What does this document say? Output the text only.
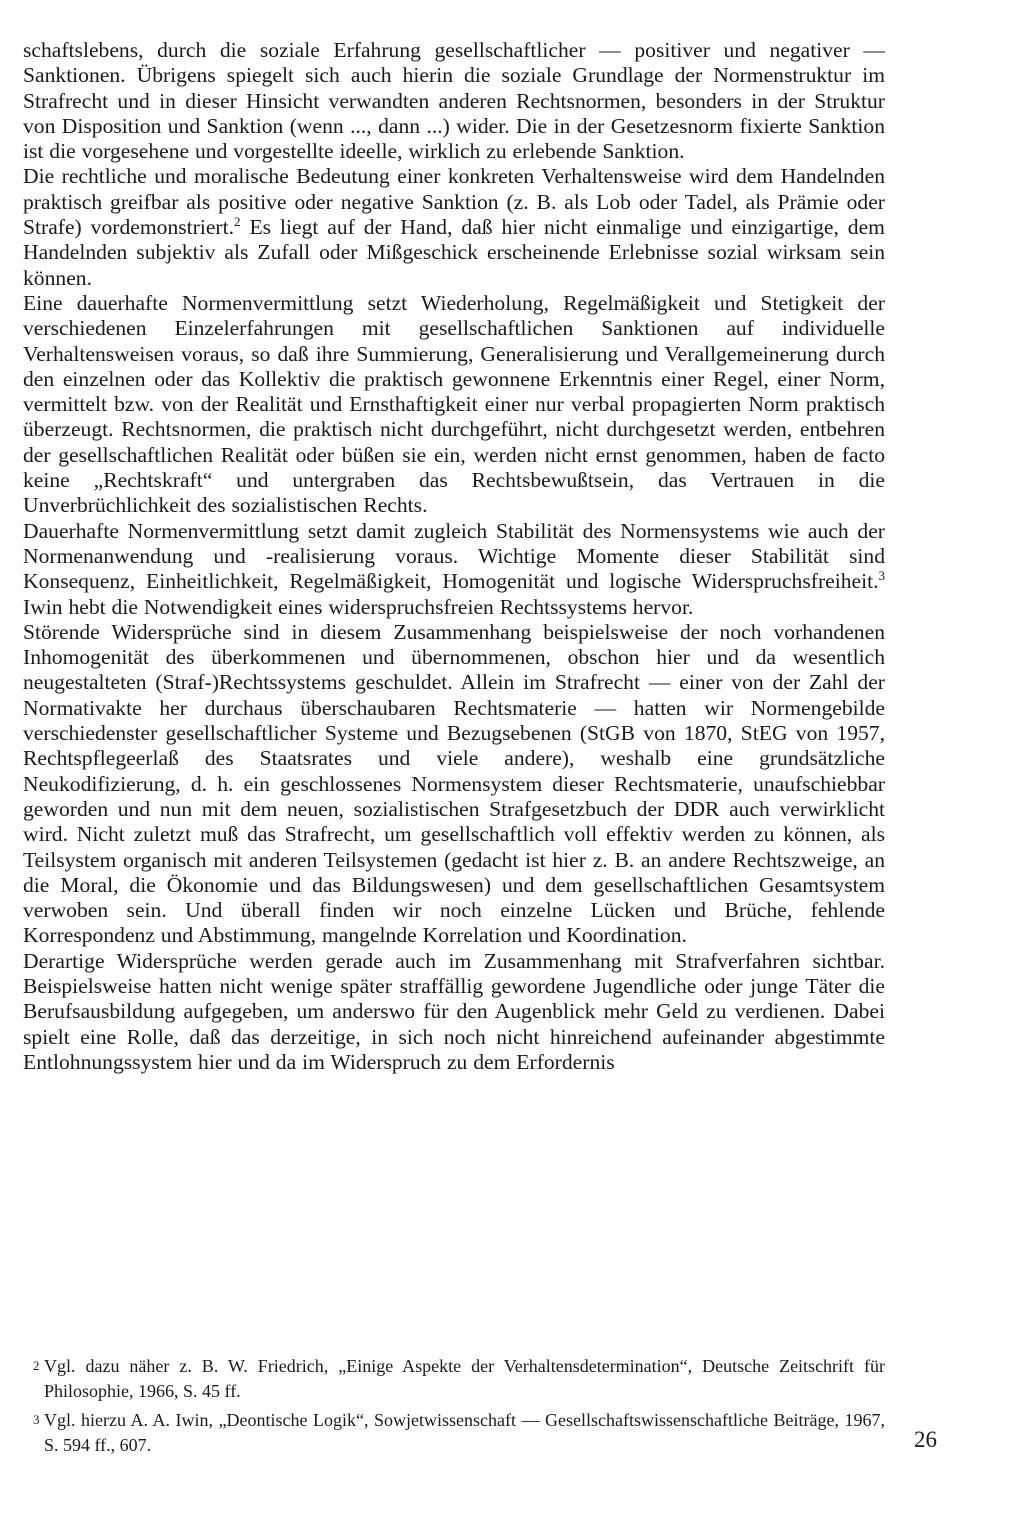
schaftslebens, durch die soziale Erfahrung gesellschaftlicher — positiver und negativer — Sanktionen. Übrigens spiegelt sich auch hierin die soziale Grundlage der Normenstruktur im Strafrecht und in dieser Hinsicht verwandten anderen Rechtsnormen, besonders in der Struktur von Disposition und Sanktion (wenn ..., dann ...) wider. Die in der Gesetzesnorm fixierte Sanktion ist die vorgesehene und vorgestellte ideelle, wirklich zu erlebende Sanktion.

Die rechtliche und moralische Bedeutung einer konkreten Verhaltensweise wird dem Handelnden praktisch greifbar als positive oder negative Sanktion (z. B. als Lob oder Tadel, als Prämie oder Strafe) vordemonstriert.$^2$ Es liegt auf der Hand, daß hier nicht einmalige und einzigartige, dem Handelnden subjektiv als Zufall oder Mißgeschick erscheinende Erlebnisse sozial wirksam sein können.

Eine dauerhafte Normenvermittlung setzt Wiederholung, Regelmäßigkeit und Stetigkeit der verschiedenen Einzelerfahrungen mit gesellschaftlichen Sanktionen auf individuelle Verhaltensweisen voraus, so daß ihre Summierung, Generalisierung und Verallgemeinerung durch den einzelnen oder das Kollektiv die praktisch gewonnene Erkenntnis einer Regel, einer Norm, vermittelt bzw. von der Realität und Ernsthaftigkeit einer nur verbal propagierten Norm praktisch überzeugt. Rechtsnormen, die praktisch nicht durchgeführt, nicht durchgesetzt werden, entbehren der gesellschaftlichen Realität oder büßen sie ein, werden nicht ernst genommen, haben de facto keine „Rechtskraft“ und untergraben das Rechtsbewußtsein, das Vertrauen in die Unverbrüchlichkeit des sozialistischen Rechts.

Dauerhafte Normenvermittlung setzt damit zugleich Stabilität des Normensystems wie auch der Normenanwendung und -realisierung voraus. Wichtige Momente dieser Stabilität sind Konsequenz, Einheitlichkeit, Regelmäßigkeit, Homogenität und logische Widerspruchsfreiheit.$^3$ Iwin hebt die Notwendigkeit eines widerspruchsfreien Rechtssystems hervor.

Störende Widersprüche sind in diesem Zusammenhang beispielsweise der noch vorhandenen Inhomogenität des überkommenen und übernommenen, obschon hier und da wesentlich neugestalteten (Straf-)Rechtssystems geschuldet. Allein im Strafrecht — einer von der Zahl der Normativakte her durchaus überschaubaren Rechtsmaterie — hatten wir Normengebilde verschiedenster gesellschaftlicher Systeme und Bezugsebenen (StGB von 1870, StEG von 1957, Rechtspflegeerlaß des Staatsrates und viele andere), weshalb eine grundsätzliche Neukodifizierung, d. h. ein geschlossenes Normensystem dieser Rechtsmaterie, unaufschiebbar geworden und nun mit dem neuen, sozialistischen Strafgesetzbuch der DDR auch verwirklicht wird. Nicht zuletzt muß das Strafrecht, um gesellschaftlich voll effektiv werden zu können, als Teilsystem organisch mit anderen Teilsystemen (gedacht ist hier z. B. an andere Rechtszweige, an die Moral, die Ökonomie und das Bildungswesen) und dem gesellschaftlichen Gesamtsystem verwoben sein. Und überall finden wir noch einzelne Lücken und Brüche, fehlende Korrespondenz und Abstimmung, mangelnde Korrelation und Koordination.

Derartige Widersprüche werden gerade auch im Zusammenhang mit Strafverfahren sichtbar. Beispielsweise hatten nicht wenige später straffällig gewordene Jugendliche oder junge Täter die Berufsausbildung aufgegeben, um anderswo für den Augenblick mehr Geld zu verdienen. Dabei spielt eine Rolle, daß das derzeitige, in sich noch nicht hinreichend aufeinander abgestimmte Entlohnungssystem hier und da im Widerspruch zu dem Erfordernis

2 Vgl. dazu näher z. B. W. Friedrich, „Einige Aspekte der Verhaltensdetermination“, Deutsche Zeitschrift für Philosophie, 1966, S. 45 ff.

3 Vgl. hierzu A. A. Iwin, „Deontische Logik“, Sowjetwissenschaft — Gesellschaftswissenschaftliche Beiträge, 1967, S. 594 ff., 607.	26
